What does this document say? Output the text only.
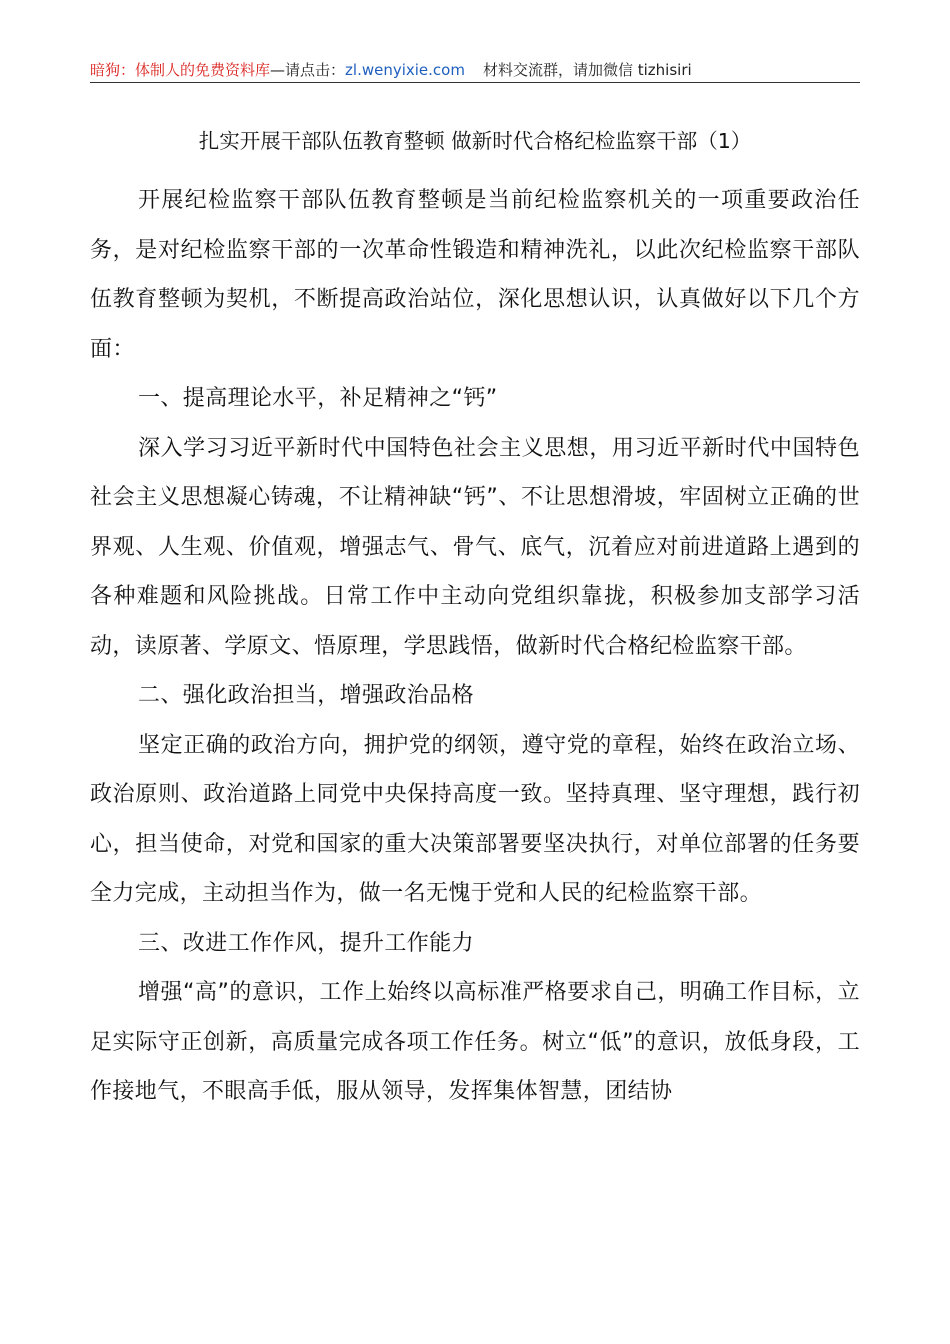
暗狗：体制人的免费资料库—请点击：zl.wenyixie.com 材料交流群，请加微信 tizhisiri
扎实开展干部队伍教育整顿 做新时代合格纪检监察干部（1）

开展纪检监察干部队伍教育整顿是当前纪检监察机关的一项重要政治任务，是对纪检监察干部的一次革命性锻造和精神洗礼，以此次纪检监察干部队伍教育整顿为契机，不断提高政治站位，深化思想认识，认真做好以下几个方面：

一、提高理论水平，补足精神之“钙”

深入学习习近平新时代中国特色社会主义思想，用习近平新时代中国特色社会主义思想凝心铸魂，不让精神缺“钙”、不让思想滑坡，牢固树立正确的世界观、人生观、价值观，增强志气、骨气、底气，沉着应对前进道路上遇到的各种难题和风险挑战。日常工作中主动向党组织靠拢，积极参加支部学习活动，读原著、学原文、悟原理，学思践悟，做新时代合格纪检监察干部。

二、强化政治担当，增强政治品格

坚定正确的政治方向，拥护党的纲领，遵守党的章程，始终在政治立场、政治原则、政治道路上同党中央保持高度一致。坚持真理、坚守理想，践行初心，担当使命，对党和国家的重大决策部署要坚决执行，对单位部署的任务要全力完成，主动担当作为，做一名无愧于党和人民的纪检监察干部。

三、改进工作作风，提升工作能力

增强“高”的意识，工作上始终以高标准严格要求自己，明确工作目标，立足实际守正创新，高质量完成各项工作任务。树立“低”的意识，放低身段，工作接地气，不眼高手低，服从领导，发挥集体智慧，团结协
